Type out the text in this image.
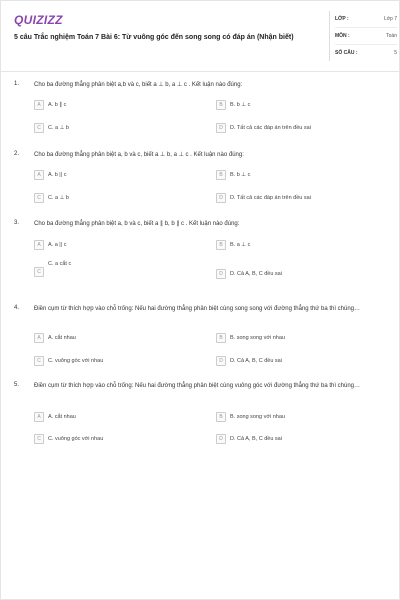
QUIZIZZ
5 câu Trắc nghiệm Toán 7 Bài 6: Từ vuông góc đến song song có đáp án (Nhận biết)
LỚP :	Lớp 7
MÔN :	Toán
SỐ CÂU :	5
1. Cho ba đường thẳng phân biệt a,b và c, biết a ⊥ b, a ⊥ c . Kết luận nào đúng:
A	A. b ∥ c	B	B. b ⊥ c
C	C. a ⊥ b	D	D. Tất cả các đáp án trên đều sai
2. Cho ba đường thẳng phân biệt a, b và c, biết a ⊥ b, a ⊥ c . Kết luận nào đúng:
A	A. b || c	B	B. b ⊥ c
C	C. a ⊥ b	D	D. Tất cả các đáp án trên đều sai
3. Cho ba đường thẳng phân biệt a, b và c, biết a ∥ b, b ∥ c . Kết luận nào đúng:
A	A. a || c	B	B. a ⊥ c
C
C. a cắt c
D	D. Cả A, B, C đều sai
4. Điền cụm từ thích hợp vào chỗ trống: Nếu hai đường thẳng phân biệt cùng song song với đường thẳng thứ ba thì chúng…
A	A. cắt nhau	B	B. song song với nhau
C	C. vuông góc với nhau	D	D. Cả A, B, C đều sai
5. Điền cụm từ thích hợp vào chỗ trống: Nếu hai đường thẳng phân biệt cùng vuông góc với đường thẳng thứ ba thì chúng…
A	A. cắt nhau	B	B. song song với nhau
C	C. vuông góc với nhau	D	D. Cả A, B, C đều sai
